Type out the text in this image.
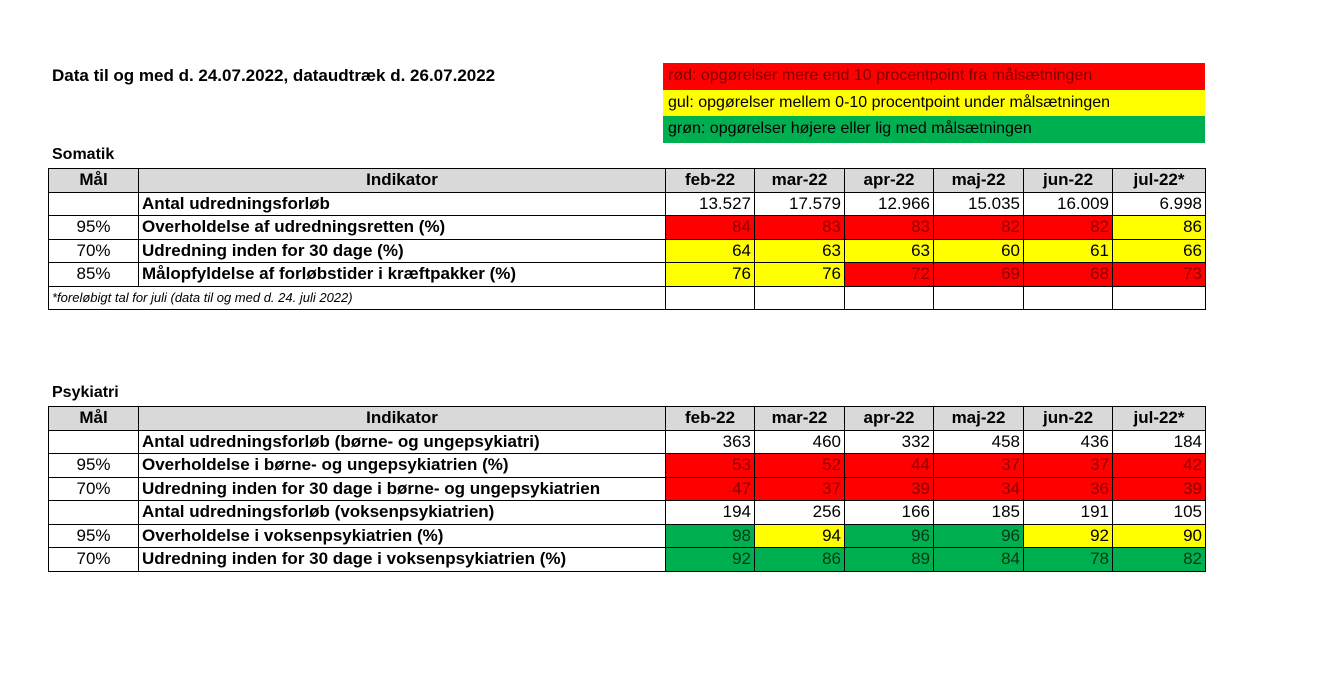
Data til og med d. 24.07.2022, dataudtræk d. 26.07.2022	rød: opgørelser mere end 10 procentpoint fra målsætningen
gul: opgørelser mellem 0-10 procentpoint under målsætningen
grøn: opgørelser højere eller lig med målsætningen
Somatik
Mål	Indikator	feb-22	mar-22	apr-22	maj-22	jun-22	jul-22*
	Antal udredningsforløb	13.527	17.579	12.966	15.035	16.009	6.998
95%	Overholdelse af udredningsretten (%)	84	83	83	82	82	86
70%	Udredning inden for 30 dage (%)	64	63	63	60	61	66
85%	Målopfyldelse af forløbstider i kræftpakker (%)	76	76	72	69	68	73
*foreløbigt tal for juli (data til og med d. 24. juli 2022)							
Psykiatri
Mål	Indikator	feb-22	mar-22	apr-22	maj-22	jun-22	jul-22*
	Antal udredningsforløb (børne- og ungepsykiatri)	363	460	332	458	436	184
95%	Overholdelse i børne- og ungepsykiatrien (%)	53	52	44	37	37	42
70%	Udredning inden for 30 dage i børne- og ungepsykiatrien	47	37	39	34	36	39
	Antal udredningsforløb (voksenpsykiatrien)	194	256	166	185	191	105
95%	Overholdelse i voksenpsykiatrien (%)	98	94	96	96	92	90
70%	Udredning inden for 30 dage i voksenpsykiatrien (%)	92	86	89	84	78	82
